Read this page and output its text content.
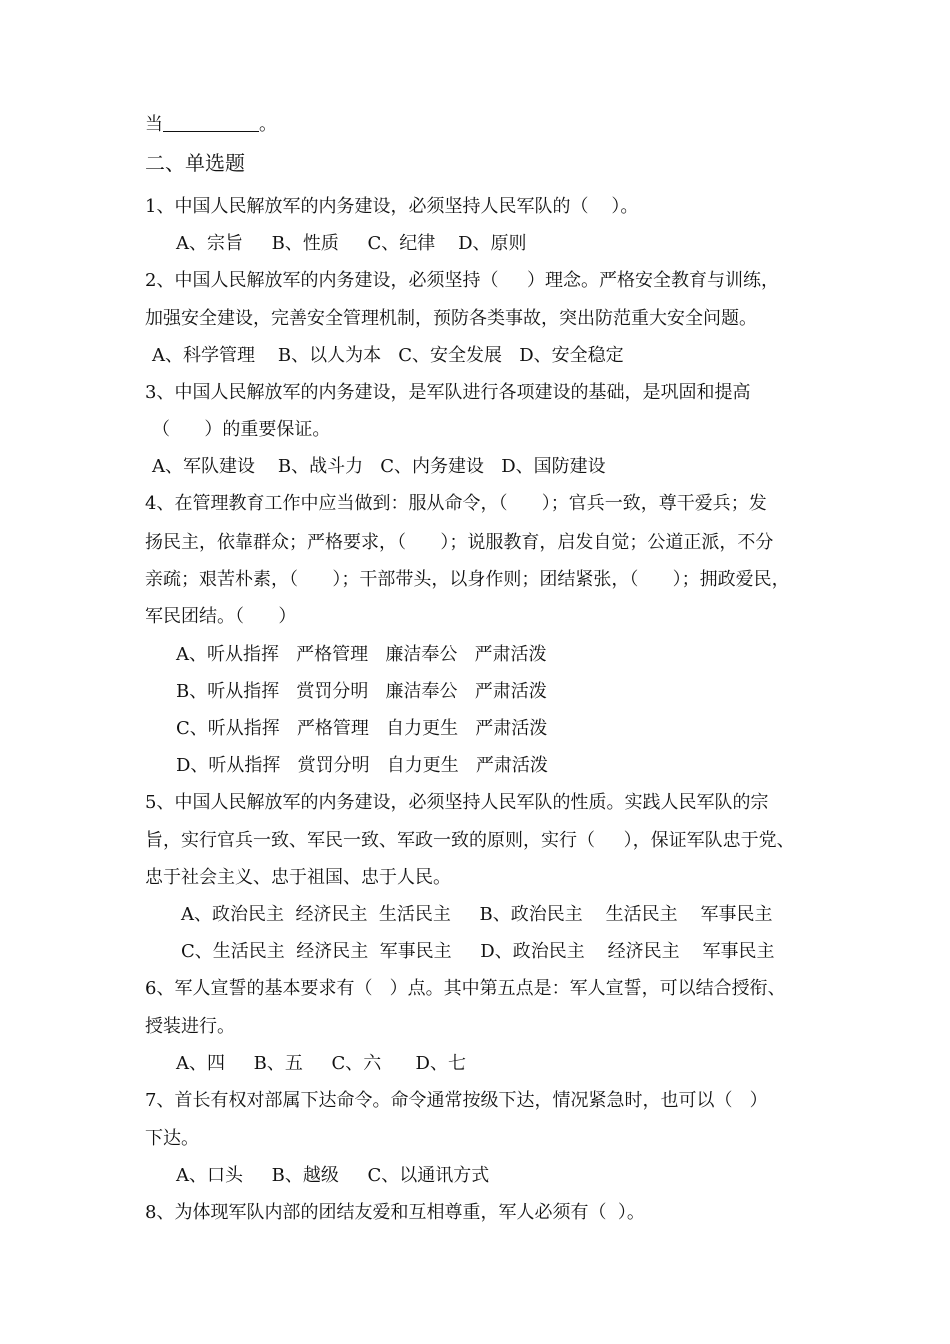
当	。
二、单选题
1、中国人民解放军的内务建设，必须坚持人民军队的（    ）。
A、宗旨     B、性质     C、纪律    D、原则
2、中国人民解放军的内务建设，必须坚持（     ）理念。严格安全教育与训练，
加强安全建设，完善安全管理机制，预防各类事故，突出防范重大安全问题。
A、科学管理    B、以人为本   C、安全发展   D、安全稳定
3、中国人民解放军的内务建设，是军队进行各项建设的基础，是巩固和提高
（      ）的重要保证。
A、军队建设    B、战斗力   C、内务建设   D、国防建设
4、在管理教育工作中应当做到：服从命令，（      ）；官兵一致，尊干爱兵；发
扬民主，依靠群众；严格要求，（      ）；说服教育，启发自觉；公道正派，不分
亲疏；艰苦朴素，（      ）；干部带头，以身作则；团结紧张，（      ）；拥政爱民，
军民团结。（      ）
A、听从指挥   严格管理   廉洁奉公   严肃活泼
B、听从指挥   赏罚分明   廉洁奉公   严肃活泼
C、听从指挥   严格管理   自力更生   严肃活泼
D、听从指挥   赏罚分明   自力更生   严肃活泼
5、中国人民解放军的内务建设，必须坚持人民军队的性质。实践人民军队的宗
旨，实行官兵一致、军民一致、军政一致的原则，实行（     ），保证军队忠于党、
忠于社会主义、忠于祖国、忠于人民。
A、政治民主  经济民主  生活民主     B、政治民主    生活民主    军事民主
C、生活民主  经济民主  军事民主     D、政治民主    经济民主    军事民主
6、军人宣誓的基本要求有（   ）点。其中第五点是：军人宣誓，可以结合授衔、
授装进行。
A、四     B、五     C、六      D、七
7、首长有权对部属下达命令。命令通常按级下达，情况紧急时，也可以（   ）
下达。
A、口头     B、越级     C、以通讯方式
8、为体现军队内部的团结友爱和互相尊重，军人必须有（  ）。
